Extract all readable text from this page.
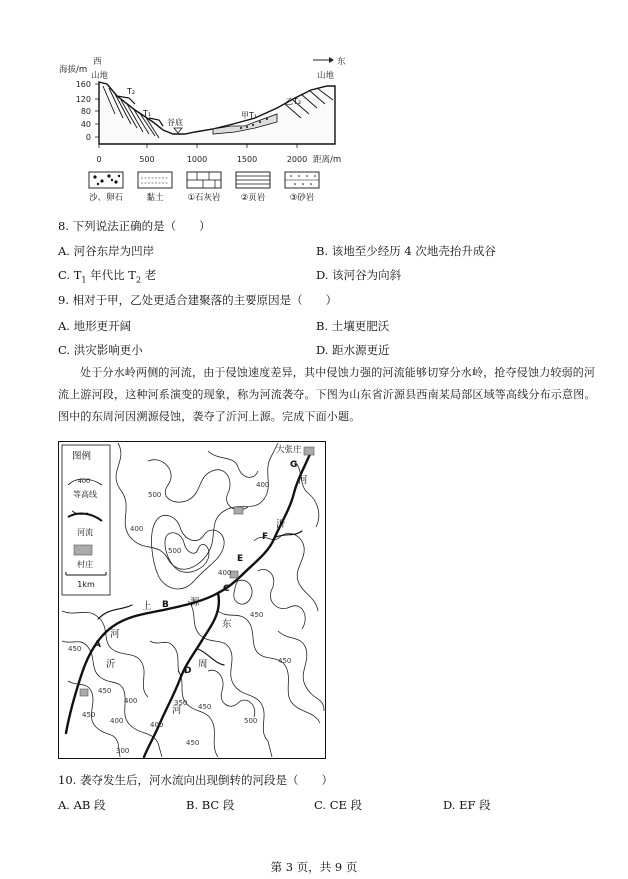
160
120
80
40
0
0	500	1000	1500	2000
海拔/m
距离/m
西	东
山地	山地
T₂
T₁
谷底
甲T₁
乙T₂
沙、卵石	黏土	①石灰岩 ②页岩	③砂岩
8. 下列说法正确的是（　　）
A. 河谷东岸为凹岸	B. 该地至少经历 4 次地壳抬升成谷
C. $T_1$ 年代比 $T_2$ 老	D. 该河谷为向斜
9. 相对于甲，乙处更适合建聚落的主要原因是（　　）
A. 地形更开阔	B. 土壤更肥沃
C. 洪灾影响更小	D. 距水源更近
处于分水岭两侧的河流，由于侵蚀速度差异，其中侵蚀力强的河流能够切穿分水岭，抢夺侵蚀力较弱的河流上游河段，这种河系演变的现象，称为河流袭夺。下图为山东省沂源县西南某局部区域等高线分布示意图。图中的东周河因溯源侵蚀，袭夺了沂河上源。完成下面小题。
图例
400
等高线
河流
村庄
1km
大张庄
A
B
C
D
E
F
G
上	源
河
沂
东
周
河
沂
河
500
500
400
400
450
450
450
400
350
400
450
450
500
400
450
300
400
450
10. 袭夺发生后，河水流向出现倒转的河段是（　　）
A. AB 段	B. BC 段	C. CE 段	D. EF 段
第 3 页，共 9 页
